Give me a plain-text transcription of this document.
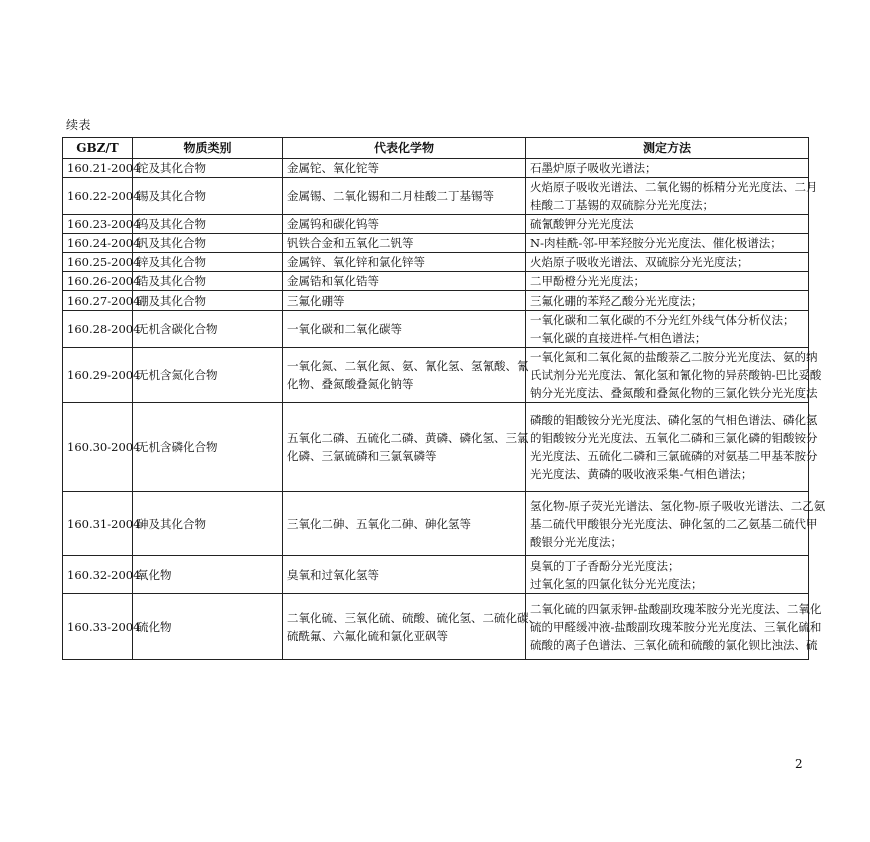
续表
GBZ/T	物质类别	代表化学物	测定方法
160.21-2004	铊及其化合物	金属铊、氧化铊等	石墨炉原子吸收光谱法；

160.22-2004	锡及其化合物	金属锡、二氧化锡和二月桂酸二丁基锡等	火焰原子吸收光谱法、二氧化锡的栎精分光光度法、二月
桂酸二丁基锡的双硫腙分光光度法；

160.23-2004	钨及其化合物	金属钨和碳化钨等	硫氰酸钾分光光度法

160.24-2004	钒及其化合物	钒铁合金和五氧化二钒等	N-肉桂酰-邻-甲苯羟胺分光光度法、催化极谱法；

160.25-2004	锌及其化合物	金属锌、氧化锌和氯化锌等	火焰原子吸收光谱法、双硫腙分光光度法；

160.26-2004	锆及其化合物	金属锆和氧化锆等	二甲酚橙分光光度法；

160.27-2004	硼及其化合物	三氟化硼等	三氟化硼的苯羟乙酸分光光度法；

160.28-2004	无机含碳化合物	一氧化碳和二氧化碳等	一氧化碳和二氧化碳的不分光红外线气体分析仪法；
一氧化碳的直接进样-气相色谱法；

160.29-2004	无机含氮化合物	一氧化氮、二氧化氮、氨、氰化氢、氢氰酸、氰
化物、叠氮酸叠氮化钠等	一氧化氮和二氧化氮的盐酸萘乙二胺分光光度法、氨的纳
氏试剂分光光度法、氰化氢和氰化物的异菸酸钠-巴比妥酸
钠分光光度法、叠氮酸和叠氮化物的三氯化铁分光光度法

160.30-2004	无机含磷化合物	五氧化二磷、五硫化二磷、黄磷、磷化氢、三氯
化磷、三氯硫磷和三氯氧磷等	磷酸的钼酸铵分光光度法、磷化氢的气相色谱法、磷化氢
的钼酸铵分光光度法、五氧化二磷和三氯化磷的钼酸铵分
光光度法、五硫化二磷和三氯硫磷的对氨基二甲基苯胺分
光光度法、黄磷的吸收液采集-气相色谱法；

160.31-2004	砷及其化合物	三氧化二砷、五氧化二砷、砷化氢等	氢化物-原子荧光光谱法、氢化物-原子吸收光谱法、二乙氨
基二硫代甲酸银分光光度法、砷化氢的二乙氨基二硫代甲
酸银分光光度法；

160.32-2004	氧化物	臭氧和过氧化氢等	臭氧的丁子香酚分光光度法；
过氧化氢的四氯化钛分光光度法；

160.33-2004	硫化物	二氧化硫、三氧化硫、硫酸、硫化氢、二硫化碳、
硫酰氟、六氟化硫和氯化亚砜等	二氧化硫的四氯汞钾-盐酸副玫瑰苯胺分光光度法、二氧化
硫的甲醛缓冲液-盐酸副玫瑰苯胺分光光度法、三氧化硫和
硫酸的离子色谱法、三氧化硫和硫酸的氯化钡比浊法、硫
2
